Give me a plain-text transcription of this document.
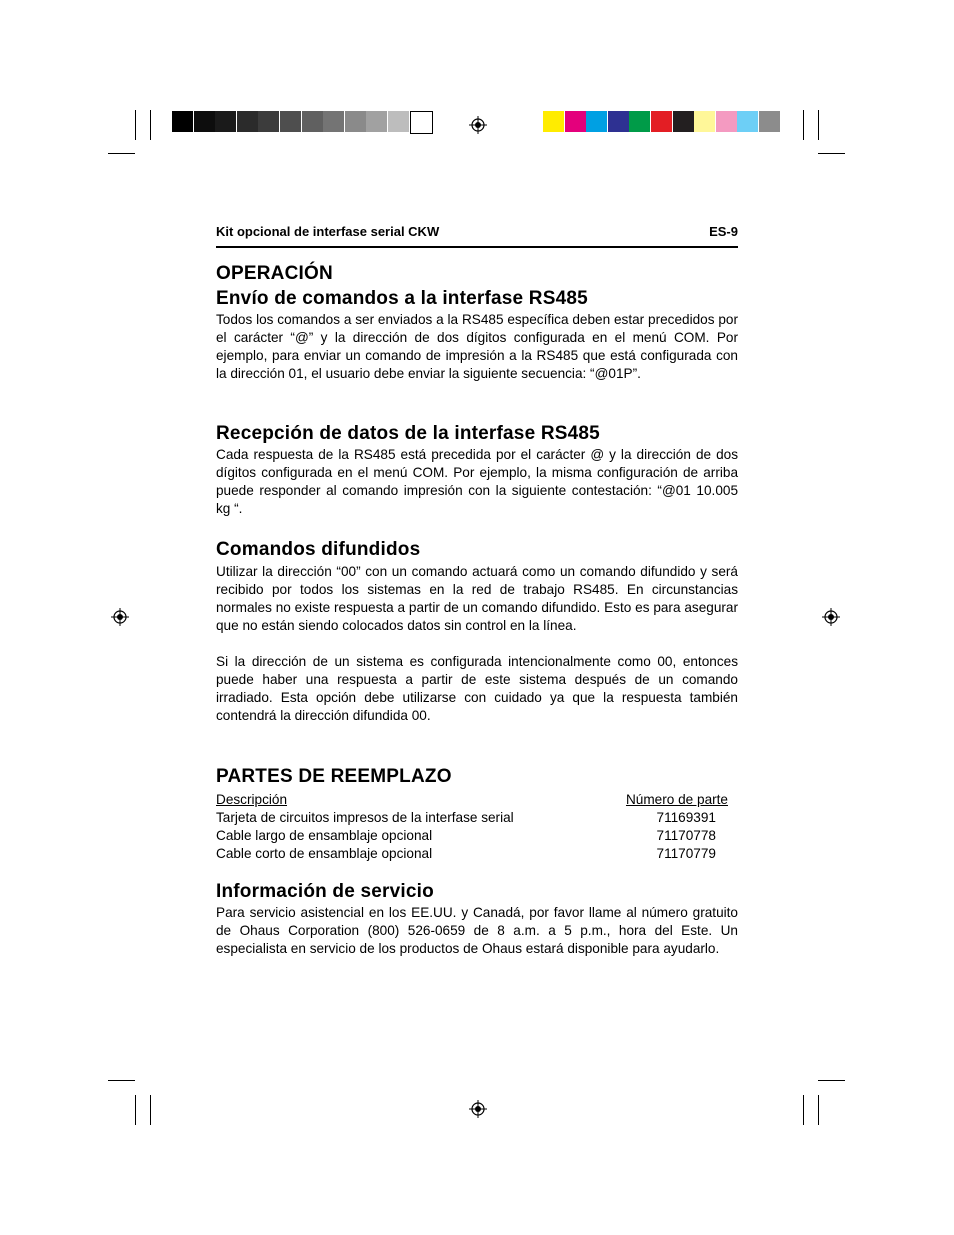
Kit opcional de interfase serial CKW	ES-9
OPERACIÓN
Envío de comandos a la interfase RS485

Todos los comandos a ser enviados a la RS485 específica deben estar precedidos por el carácter “@” y la dirección de dos dígitos configurada en el menú COM. Por ejemplo, para enviar un comando de impresión a la RS485 que está configurada con la dirección 01, el usuario debe enviar la siguiente secuencia: “@01P”.

Recepción de datos de la interfase RS485

Cada respuesta de la RS485 está precedida por el carácter @ y la dirección de dos dígitos configurada en el menú COM. Por ejemplo, la misma configuración de arriba puede responder al comando impresión con la siguiente contestación: “@01 10.005 kg “.

Comandos difundidos

Utilizar la dirección “00” con un comando actuará como un comando difundido y será recibido por todos los sistemas en la red de trabajo RS485. En circunstancias normales no existe respuesta a partir de un comando difundido. Esto es para asegurar que no están siendo colocados datos sin control en la línea.

Si la dirección de un sistema es configurada intencionalmente como 00, entonces puede haber una respuesta a partir de este sistema después de un comando irradiado. Esta opción debe utilizarse con cuidado ya que la respuesta también contendrá la dirección difundida 00.

PARTES DE REEMPLAZO
Descripción	Número de parte
Tarjeta de circuitos impresos de la interfase serial	71169391
Cable largo de ensamblaje opcional	71170778
Cable corto de ensamblaje opcional	71170779
Información de servicio

Para servicio asistencial en los EE.UU. y Canadá, por favor llame al número gratuito de Ohaus Corporation (800) 526-0659 de 8 a.m. a 5 p.m., hora del Este. Un especialista en servicio de los productos de Ohaus estará disponible para ayudarlo.
